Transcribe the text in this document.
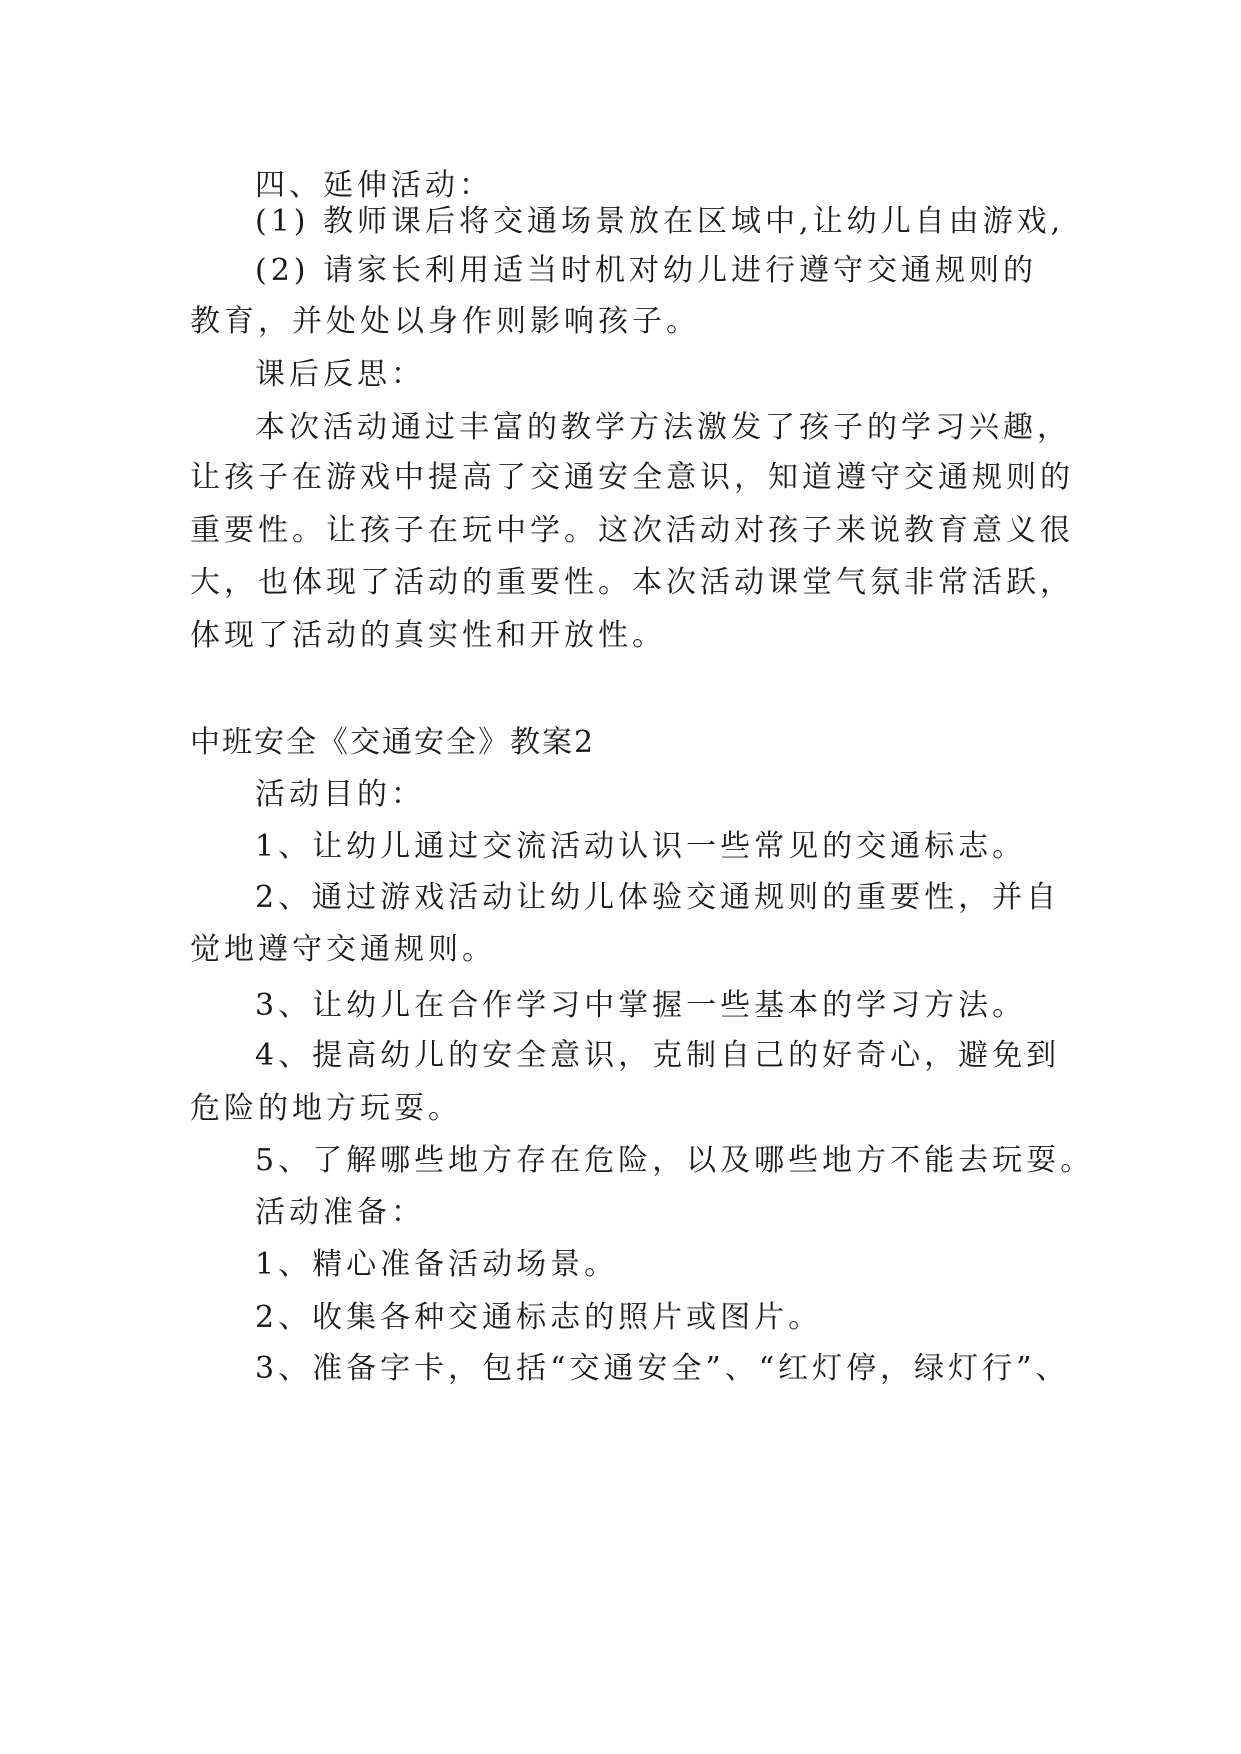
四、延伸活动：
(1) 教师课后将交通场景放在区域中,让幼儿自由游戏,
(2) 请家长利用适当时机对幼儿进行遵守交通规则的
教育，并处处以身作则影响孩子。
课后反思：
本次活动通过丰富的教学方法激发了孩子的学习兴趣，
让孩子在游戏中提高了交通安全意识，知道遵守交通规则的
重要性。让孩子在玩中学。这次活动对孩子来说教育意义很
大，也体现了活动的重要性。本次活动课堂气氛非常活跃，
体现了活动的真实性和开放性。
中班安全《交通安全》教案2
活动目的：
1、让幼儿通过交流活动认识一些常见的交通标志。
2、通过游戏活动让幼儿体验交通规则的重要性，并自
觉地遵守交通规则。
3、让幼儿在合作学习中掌握一些基本的学习方法。
4、提高幼儿的安全意识，克制自己的好奇心，避免到
危险的地方玩耍。
5、了解哪些地方存在危险，以及哪些地方不能去玩耍。
活动准备：
1、精心准备活动场景。
2、收集各种交通标志的照片或图片。
3、准备字卡，包括“交通安全”、“红灯停，绿灯行”、
